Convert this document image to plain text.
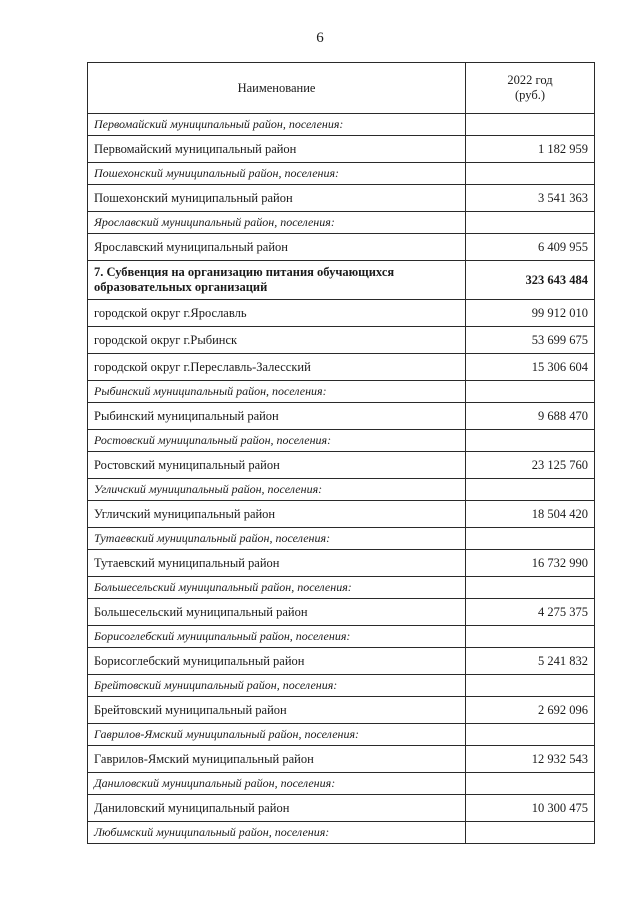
6
Наименование	2022 год
(руб.)
Первомайский муниципальный район, поселения:	
Первомайский муниципальный район	1 182 959
Пошехонский муниципальный район, поселения:	
Пошехонский муниципальный район	3 541 363
Ярославский муниципальный район, поселения:	
Ярославский муниципальный район	6 409 955
7. Субвенция на организацию питания обучающихся образовательных организаций	323 643 484
городской округ г.Ярославль	99 912 010
городской округ г.Рыбинск	53 699 675
городской округ г.Переславль-Залесский	15 306 604
Рыбинский муниципальный район, поселения:	
Рыбинский муниципальный район	9 688 470
Ростовский муниципальный район, поселения:	
Ростовский муниципальный район	23 125 760
Угличский муниципальный район, поселения:	
Угличский муниципальный район	18 504 420
Тутаевский муниципальный район, поселения:	
Тутаевский муниципальный район	16 732 990
Большесельский муниципальный район, поселения:	
Большесельский муниципальный район	4 275 375
Борисоглебский муниципальный район, поселения:	
Борисоглебский муниципальный район	5 241 832
Брейтовский муниципальный район, поселения:	
Брейтовский муниципальный район	2 692 096
Гаврилов-Ямский муниципальный район, поселения:	
Гаврилов-Ямский муниципальный район	12 932 543
Даниловский муниципальный район, поселения:	
Даниловский муниципальный район	10 300 475
Любимский муниципальный район, поселения:	
